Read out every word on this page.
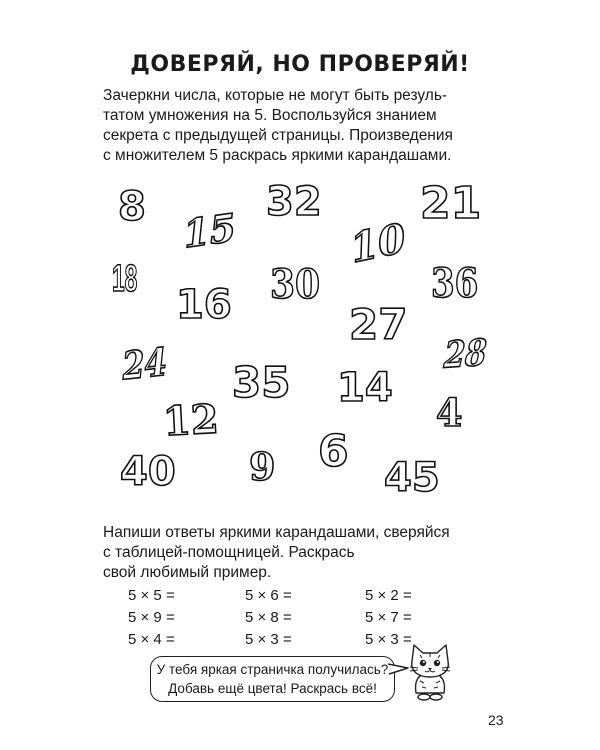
ДОВЕРЯЙ, НО ПРОВЕРЯЙ!
Зачеркни числа, которые не могут быть резуль-
татом умножения на 5. Воспользуйся знанием
секрета с предыдущей страницы. Произведения
с множителем 5 раскрась яркими карандашами.
8	32 21
15	10
18	30	36
16	27
28
24 35 14
4
12
6
9
40	45
Напиши ответы яркими карандашами, сверяйся
с таблицей-помощницей. Раскрась
свой любимый пример.
5 × 5 =	5 × 6 =	5 × 2 =
5 × 9 =	5 × 8 =	5 × 7 =
5 × 4 =	5 × 3 =	5 × 3 =
У тебя яркая страничка получилась?
Добавь ещё цвета! Раскрась всё!
23
